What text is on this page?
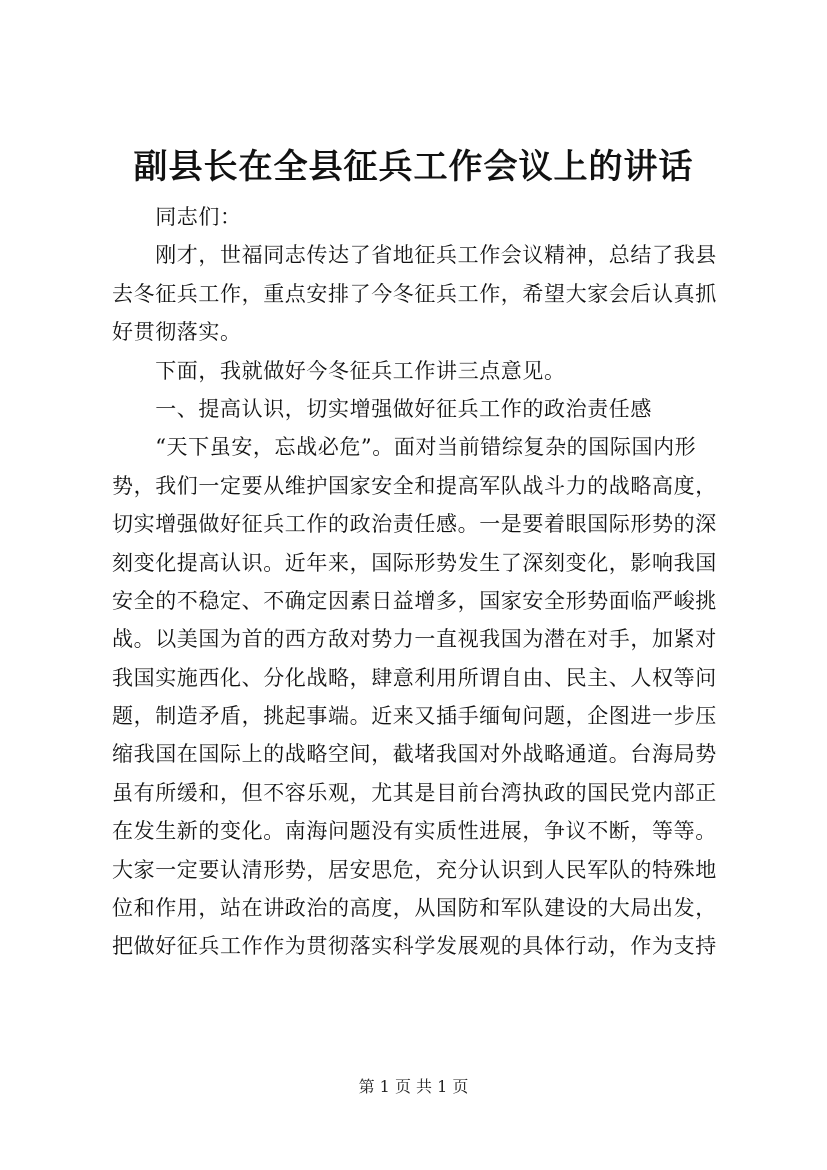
副县长在全县征兵工作会议上的讲话
　　同志们：
　　刚才，世福同志传达了省地征兵工作会议精神，总结了我县
去冬征兵工作，重点安排了今冬征兵工作，希望大家会后认真抓
好贯彻落实。
　　下面，我就做好今冬征兵工作讲三点意见。
　　一、提高认识，切实增强做好征兵工作的政治责任感
　　“天下虽安，忘战必危”。面对当前错综复杂的国际国内形
势，我们一定要从维护国家安全和提高军队战斗力的战略高度，
切实增强做好征兵工作的政治责任感。一是要着眼国际形势的深
刻变化提高认识。近年来，国际形势发生了深刻变化，影响我国
安全的不稳定、不确定因素日益增多，国家安全形势面临严峻挑
战。以美国为首的西方敌对势力一直视我国为潜在对手，加紧对
我国实施西化、分化战略，肆意利用所谓自由、民主、人权等问
题，制造矛盾，挑起事端。近来又插手缅甸问题，企图进一步压
缩我国在国际上的战略空间，截堵我国对外战略通道。台海局势
虽有所缓和，但不容乐观，尤其是目前台湾执政的国民党内部正
在发生新的变化。南海问题没有实质性进展，争议不断，等等。
大家一定要认清形势，居安思危，充分认识到人民军队的特殊地
位和作用，站在讲政治的高度，从国防和军队建设的大局出发，
把做好征兵工作作为贯彻落实科学发展观的具体行动，作为支持
第 1 页 共 1 页
